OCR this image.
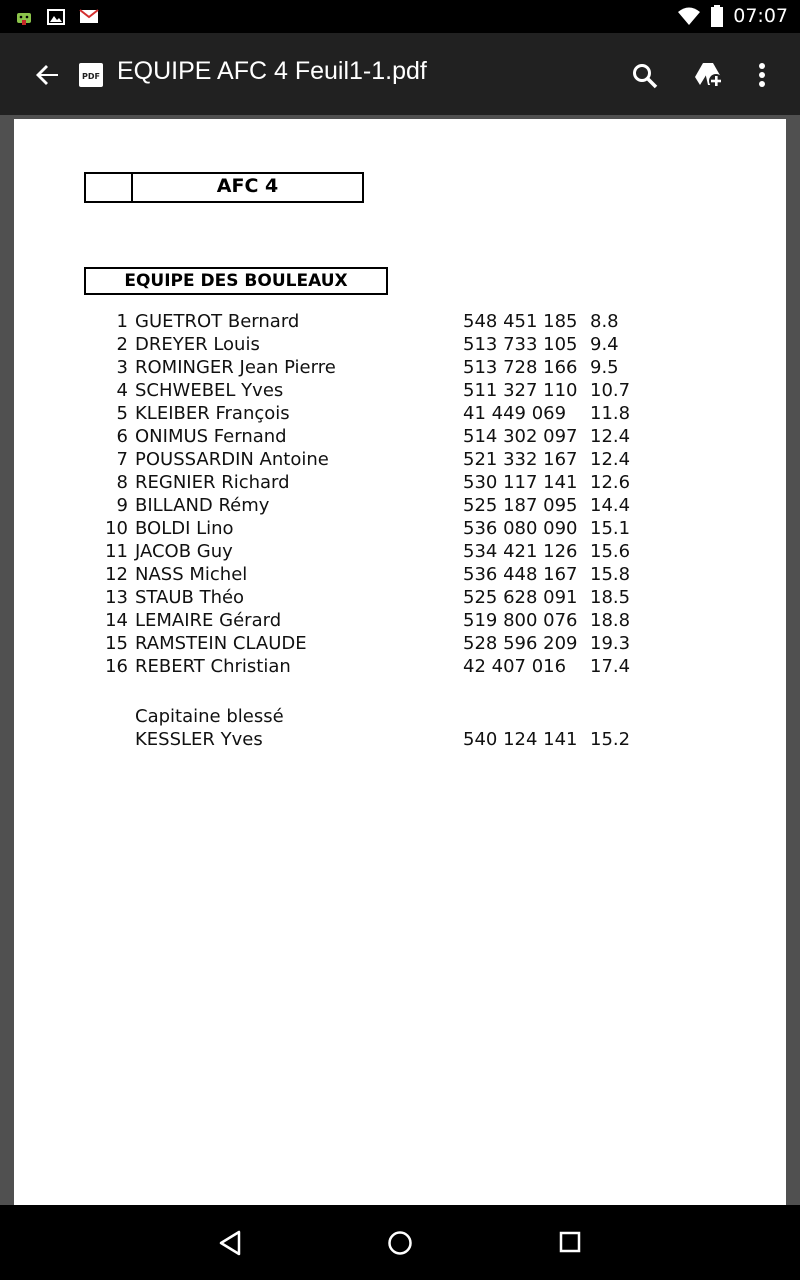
07:07
PDF EQUIPE AFC 4 Feuil1-1.pdf
AFC 4
EQUIPE DES BOULEAUX
1 GUETROT Bernard	548 451 185 8.8
2 DREYER Louis	513 733 105 9.4
3 ROMINGER Jean Pierre	513 728 166 9.5
4 SCHWEBEL Yves	511 327 110 10.7
5 KLEIBER François	41 449 069 11.8
6 ONIMUS Fernand	514 302 097 12.4
7 POUSSARDIN Antoine	521 332 167 12.4
8 REGNIER Richard	530 117 141 12.6
9 BILLAND Rémy	525 187 095 14.4
10 BOLDI Lino	536 080 090 15.1
11 JACOB Guy	534 421 126 15.6
12 NASS Michel	536 448 167 15.8
13 STAUB Théo	525 628 091 18.5
14 LEMAIRE Gérard	519 800 076 18.8
15 RAMSTEIN CLAUDE	528 596 209 19.3
16 REBERT Christian	42 407 016 17.4
Capitaine blessé
KESSLER Yves	540 124 141 15.2
